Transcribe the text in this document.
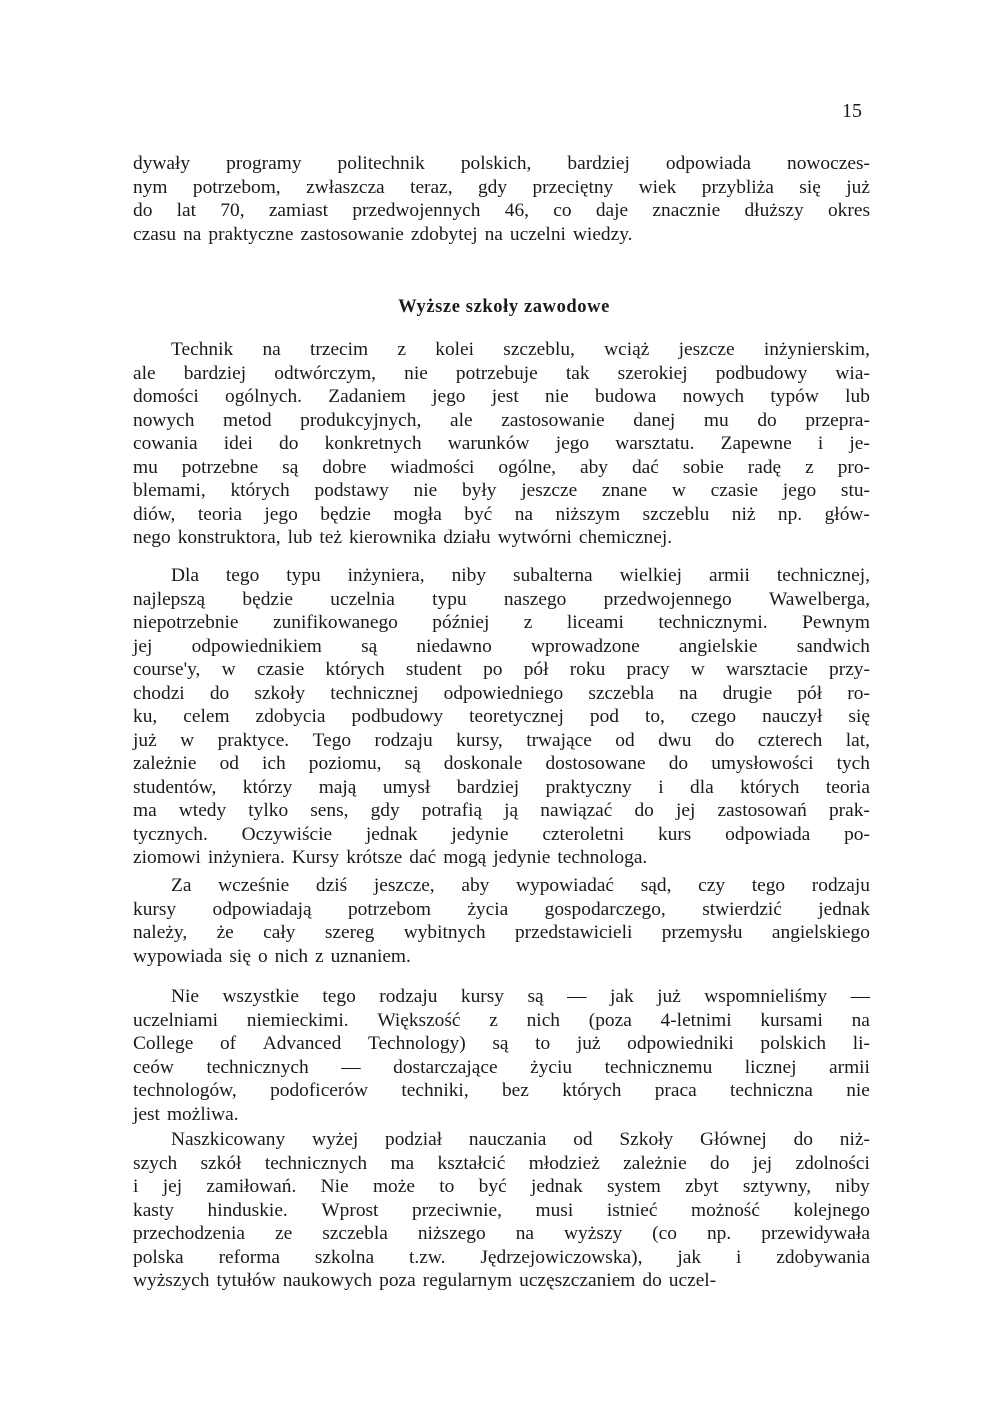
15
dywały programy politechnik polskich, bardziej odpowiada nowoczes-
nym potrzebom, zwłaszcza teraz, gdy przeciętny wiek przybliża się już
do lat 70, zamiast przedwojennych 46, co daje znacznie dłuższy okres
czasu na praktyczne zastosowanie zdobytej na uczelni wiedzy.
Wyższe szkoły zawodowe
Technik na trzecim z kolei szczeblu, wciąż jeszcze inżynierskim,
ale bardziej odtwórczym, nie potrzebuje tak szerokiej podbudowy wia-
domości ogólnych. Zadaniem jego jest nie budowa nowych typów lub
nowych metod produkcyjnych, ale zastosowanie danej mu do przepra-
cowania idei do konkretnych warunków jego warsztatu. Zapewne i je-
mu potrzebne są dobre wiadmości ogólne, aby dać sobie radę z pro-
blemami, których podstawy nie były jeszcze znane w czasie jego stu-
diów, teoria jego będzie mogła być na niższym szczeblu niż np. głów-
nego konstruktora, lub też kierownika działu wytwórni chemicznej.
Dla tego typu inżyniera, niby subalterna wielkiej armii technicznej,
najlepszą będzie uczelnia typu naszego przedwojennego Wawelberga,
niepotrzebnie zunifikowanego później z liceami technicznymi. Pewnym
jej odpowiednikiem są niedawno wprowadzone angielskie sandwich
course'y, w czasie których student po pół roku pracy w warsztacie przy-
chodzi do szkoły technicznej odpowiedniego szczebla na drugie pół ro-
ku, celem zdobycia podbudowy teoretycznej pod to, czego nauczył się
już w praktyce. Tego rodzaju kursy, trwające od dwu do czterech lat,
zależnie od ich poziomu, są doskonale dostosowane do umysłowości tych
studentów, którzy mają umysł bardziej praktyczny i dla których teoria
ma wtedy tylko sens, gdy potrafią ją nawiązać do jej zastosowań prak-
tycznych. Oczywiście jednak jedynie czteroletni kurs odpowiada po-
ziomowi inżyniera. Kursy krótsze dać mogą jedynie technologa.
Za wcześnie dziś jeszcze, aby wypowiadać sąd, czy tego rodzaju
kursy odpowiadają potrzebom życia gospodarczego, stwierdzić jednak
należy, że cały szereg wybitnych przedstawicieli przemysłu angielskiego
wypowiada się o nich z uznaniem.
Nie wszystkie tego rodzaju kursy są — jak już wspomnieliśmy —
uczelniami niemieckimi. Większość z nich (poza 4-letnimi kursami na
College of Advanced Technology) są to już odpowiedniki polskich li-
ceów technicznych — dostarczające życiu technicznemu licznej armii
technologów, podoficerów techniki, bez których praca techniczna nie
jest możliwa.
Naszkicowany wyżej podział nauczania od Szkoły Głównej do niż-
szych szkół technicznych ma kształcić młodzież zależnie do jej zdolności
i jej zamiłowań. Nie może to być jednak system zbyt sztywny, niby
kasty hinduskie. Wprost przeciwnie, musi istnieć możność kolejnego
przechodzenia ze szczebla niższego na wyższy (co np. przewidywała
polska reforma szkolna t.zw. Jędrzejowiczowska), jak i zdobywania
wyższych tytułów naukowych poza regularnym uczęszczaniem do uczel-
